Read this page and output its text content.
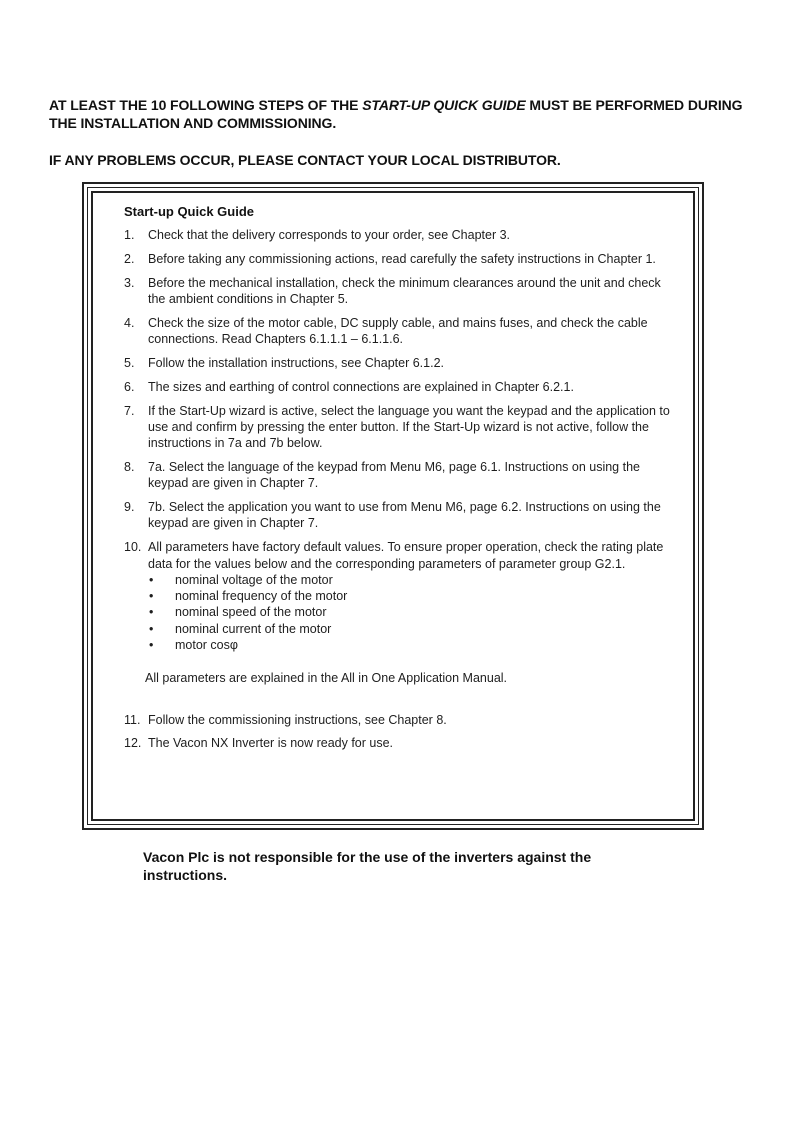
AT LEAST THE 10 FOLLOWING STEPS OF THE START-UP QUICK GUIDE MUST BE PERFORMED DURING THE INSTALLATION AND COMMISSIONING.
IF ANY PROBLEMS OCCUR, PLEASE CONTACT YOUR LOCAL DISTRIBUTOR.
Start-up Quick Guide
1. Check that the delivery corresponds to your order, see Chapter 3.
2. Before taking any commissioning actions, read carefully the safety instructions in Chapter 1.
3. Before the mechanical installation, check the minimum clearances around the unit and check the ambient conditions in Chapter 5.
4. Check the size of the motor cable, DC supply cable, and mains fuses, and check the cable connections. Read Chapters 6.1.1.1 – 6.1.1.6.
5. Follow the installation instructions, see Chapter 6.1.2.
6. The sizes and earthing of control connections are explained in Chapter 6.2.1.
7. If the Start-Up wizard is active, select the language you want the keypad and the application to use and confirm by pressing the enter button. If the Start-Up wizard is not active, follow the instructions in 7a and 7b below.
8. 7a. Select the language of the keypad from Menu M6, page 6.1. Instructions on using the keypad are given in Chapter 7.
9. 7b. Select the application you want to use from Menu M6, page 6.2. Instructions on using the keypad are given in Chapter 7.
10. All parameters have factory default values. To ensure proper operation, check the rating plate data for the values below and the corresponding parameters of parameter group G2.1.
• nominal voltage of the motor
• nominal frequency of the motor
• nominal speed of the motor
• nominal current of the motor
• motor cosφ
All parameters are explained in the All in One Application Manual.
11. Follow the commissioning instructions, see Chapter 8.
12. The Vacon NX Inverter is now ready for use.
Vacon Plc is not responsible for the use of the inverters against the instructions.
